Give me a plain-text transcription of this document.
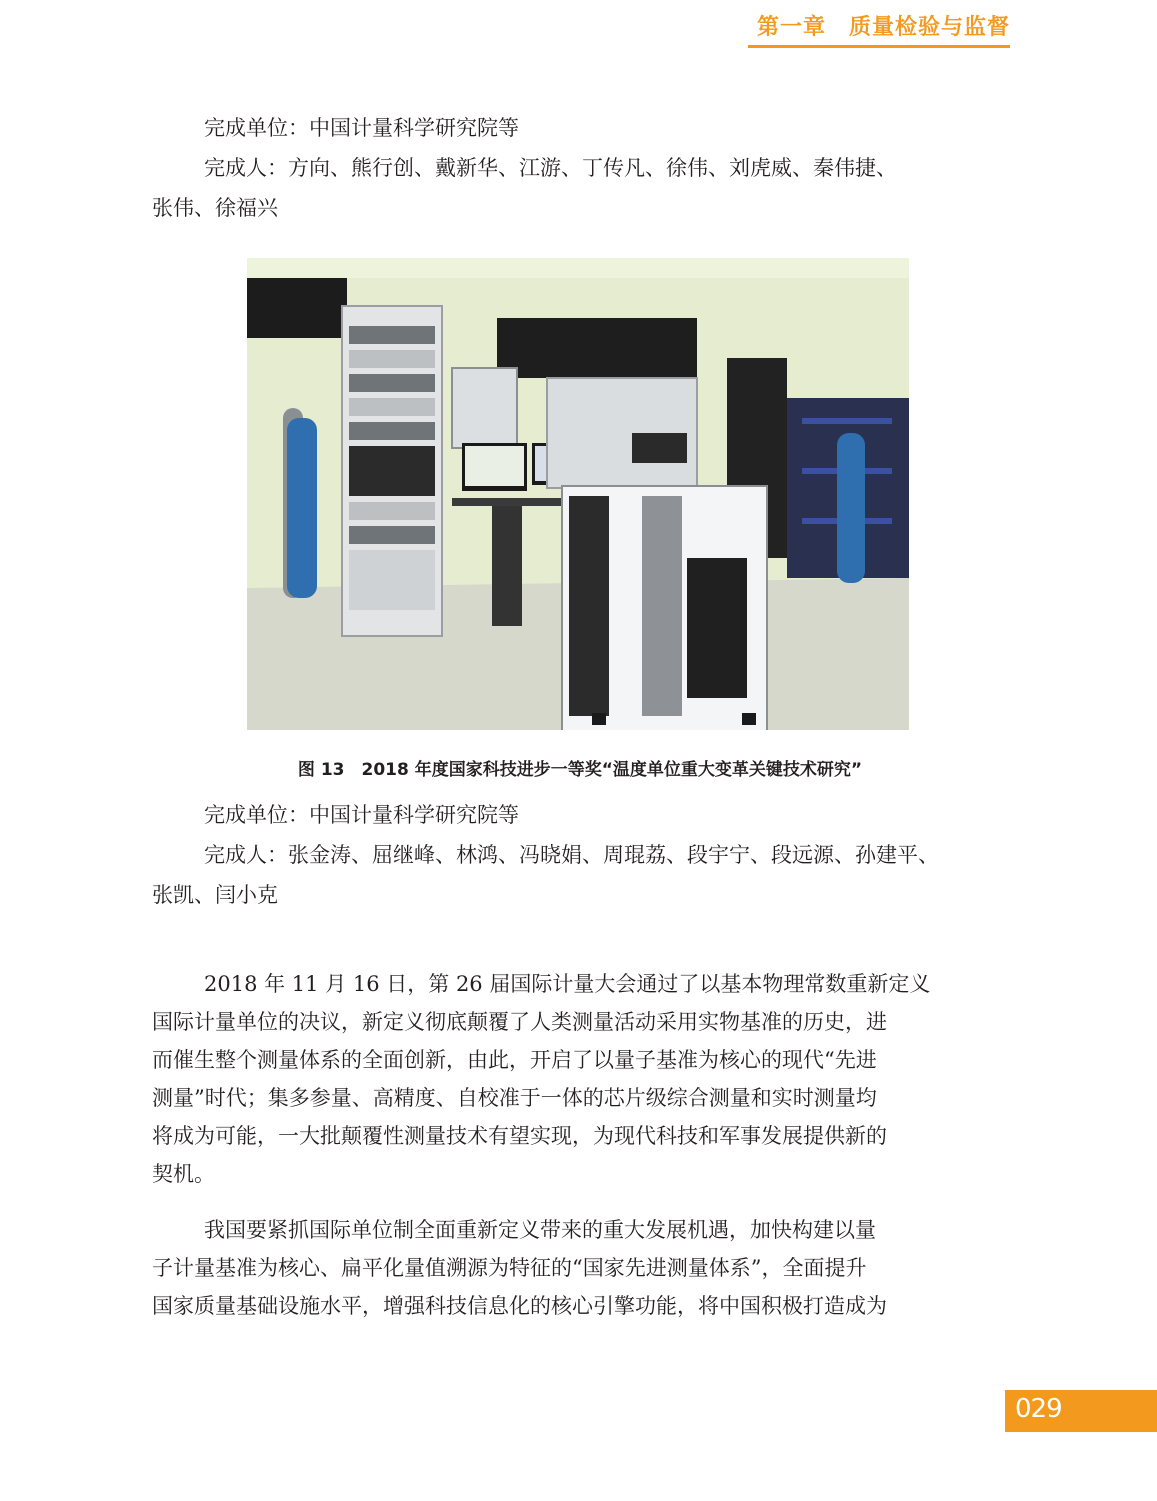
第一章　质量检验与监督

完成单位：中国计量科学研究院等
完成人：方向、熊行创、戴新华、江游、丁传凡、徐伟、刘虎威、秦伟捷、
张伟、徐福兴

图 13　2018 年度国家科技进步一等奖“温度单位重大变革关键技术研究”

完成单位：中国计量科学研究院等
完成人：张金涛、屈继峰、林鸿、冯晓娟、周琨荔、段宇宁、段远源、孙建平、
张凯、闫小克

2018 年 11 月 16 日，第 26 届国际计量大会通过了以基本物理常数重新定义
国际计量单位的决议，新定义彻底颠覆了人类测量活动采用实物基准的历史，进
而催生整个测量体系的全面创新，由此，开启了以量子基准为核心的现代“先进
测量”时代；集多参量、高精度、自校准于一体的芯片级综合测量和实时测量均
将成为可能，一大批颠覆性测量技术有望实现，为现代科技和军事发展提供新的
契机。

我国要紧抓国际单位制全面重新定义带来的重大发展机遇，加快构建以量
子计量基准为核心、扁平化量值溯源为特征的“国家先进测量体系”，全面提升
国家质量基础设施水平，增强科技信息化的核心引擎功能，将中国积极打造成为

029
